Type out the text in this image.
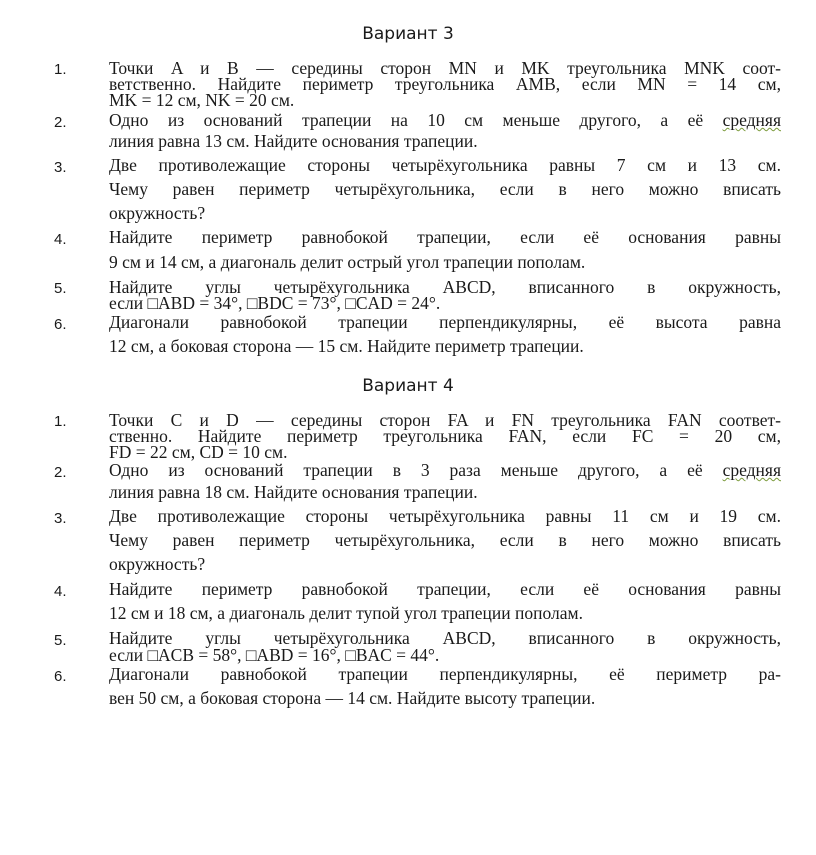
Вариант 3
1.	Точки A и B — середины сторон MN и MK треугольника MNK соот-
ветственно. Найдите периметр треугольника AMB, если MN = 14 см,
MK = 12 см, NK = 20 см.
2.	Одно из оснований трапеции на 10 см меньше другого, а её средняя
линия равна 13 см. Найдите основания трапеции.
3.	Две противолежащие стороны четырёхугольника равны 7 см и 13 см.
Чему равен периметр четырёхугольника, если в него можно вписать
окружность?
4.	Найдите периметр равнобокой трапеции, если её основания равны
9 см и 14 см, а диагональ делит острый угол трапеции пополам.
5.	Найдите углы четырёхугольника ABCD, вписанного в окружность,
если □ABD = 34°, □BDC = 73°, □CAD = 24°.
6.	Диагонали равнобокой трапеции перпендикулярны, её высота равна
12 см, а боковая сторона — 15 см. Найдите периметр трапеции.
Вариант 4
1.	Точки C и D — середины сторон FA и FN треугольника FAN соответ-
ственно. Найдите периметр треугольника FAN, если FC = 20 см,
FD = 22 см, CD = 10 см.
2.	Одно из оснований трапеции в 3 раза меньше другого, а её средняя
линия равна 18 см. Найдите основания трапеции.
3.	Две противолежащие стороны четырёхугольника равны 11 см и 19 см.
Чему равен периметр четырёхугольника, если в него можно вписать
окружность?
4.	Найдите периметр равнобокой трапеции, если её основания равны
12 см и 18 см, а диагональ делит тупой угол трапеции пополам.
5.	Найдите углы четырёхугольника ABCD, вписанного в окружность,
если □ACB = 58°, □ABD = 16°, □BAC = 44°.
6.	Диагонали равнобокой трапеции перпендикулярны, её периметр ра-
вен 50 см, а боковая сторона — 14 см. Найдите высоту трапеции.
